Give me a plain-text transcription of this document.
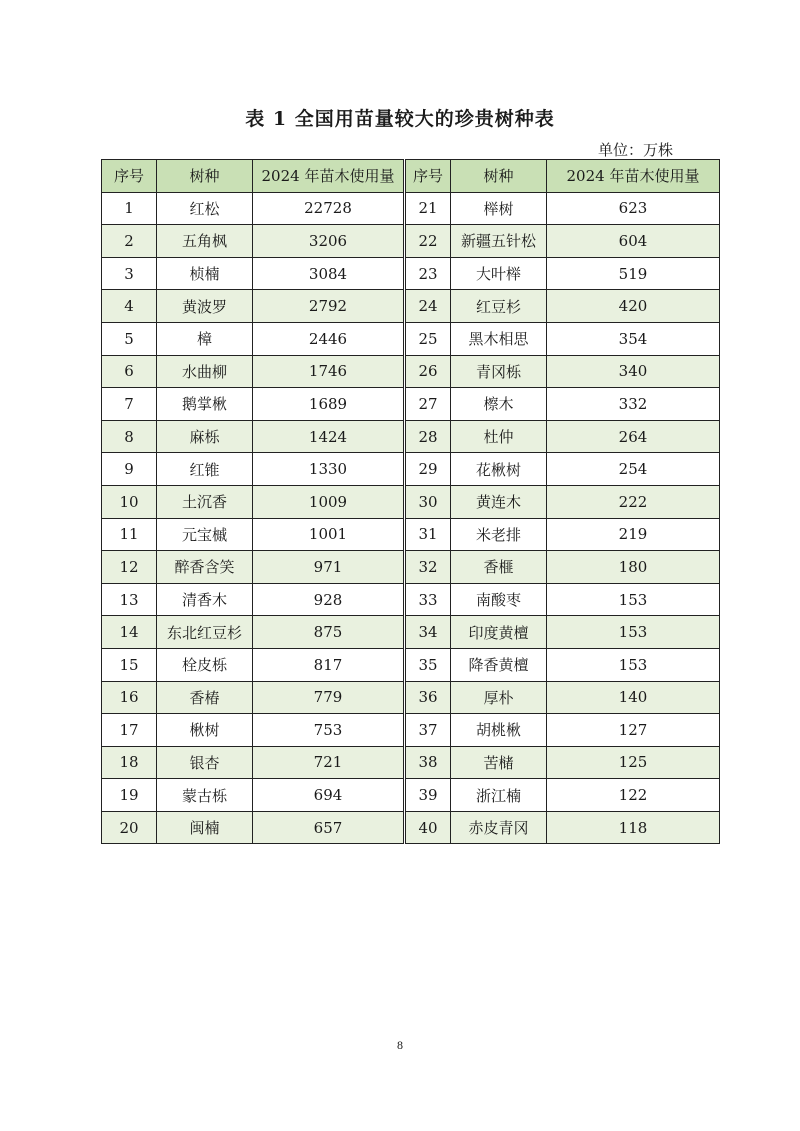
表 1 全国用苗量较大的珍贵树种表
单位：万株
序号	树种	2024 年苗木使用量	序号	树种	2024 年苗木使用量
1	红松	22728	21	榉树	623
2	五角枫	3206	22	新疆五针松	604
3	桢楠	3084	23	大叶榉	519
4	黄波罗	2792	24	红豆杉	420
5	樟	2446	25	黑木相思	354
6	水曲柳	1746	26	青冈栎	340
7	鹅掌楸	1689	27	檫木	332
8	麻栎	1424	28	杜仲	264
9	红锥	1330	29	花楸树	254
10	土沉香	1009	30	黄连木	222
11	元宝槭	1001	31	米老排	219
12	醉香含笑	971	32	香榧	180
13	清香木	928	33	南酸枣	153
14	东北红豆杉	875	34	印度黄檀	153
15	栓皮栎	817	35	降香黄檀	153
16	香椿	779	36	厚朴	140
17	楸树	753	37	胡桃楸	127
18	银杏	721	38	苦槠	125
19	蒙古栎	694	39	浙江楠	122
20	闽楠	657	40	赤皮青冈	118
8
